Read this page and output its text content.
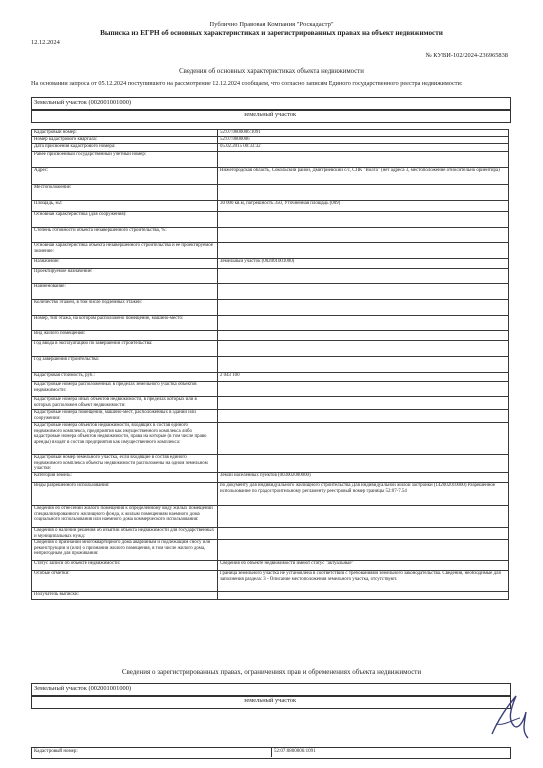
Публично Правовая Компания "Роскадастр"
Выписка из ЕГРН об основных характеристиках и зарегистрированных правах на объект недвижимости
12.12.2024
№ КУВИ-102/2024-236965838
Сведения об основных характеристиках объекта недвижимости
На основании запроса от 05.12.2024 поступившего на рассмотрение 12.12.2024 сообщаем, что согласно записям Единого государственного реестра недвижимости:
Земельный участок (002001001000)
земельный участок
Кадастровый номер:	52:07:0800006:1091
Номер кадастрового квартала:	52:07:0800006
Дата присвоения кадастрового номера:	05.02.2015 00:33:32
Ранее присвоенный государственный учетный номер:	
Адрес:	Нижегородская область, Сокольский район, Дмитриевский с/с, СПК "Волга" (нет адреса 3, местоположение относительно ориентира)
Местоположение:	
Площадь, м2:	30 000 кв.м, погрешность 350, Уточненная площадь (009)
Основная характеристика (для сооружения):	
Степень готовности объекта незавершенного строительства, %:	
Основная характеристика объекта незавершенного строительства и ее проектируемое значение:	
Назначение:	Земельный участок (002001001000)
Проектируемое назначение:	
Наименование:	
Количество этажей, в том числе подземных этажей:	
Номер, тип этажа, на котором расположено помещение, машино-место:	
Вид жилого помещения:	
Год ввода в эксплуатацию по завершении строительства:	
Год завершения строительства:	
Кадастровая стоимость, руб.:	2 043 100
Кадастровые номера расположенных в пределах земельного участка объектов недвижимости:	
Кадастровые номера иных объектов недвижимости, в пределах которых или в которых расположен объект недвижимости:	
Кадастровые номера помещений, машино-мест, расположенных в здании или сооружении:	
Кадастровые номера объектов недвижимости, входящих в состав единого недвижимого комплекса, предприятия как имущественного комплекса либо кадастровые номера объектов недвижимости, права на которые (в том числе право аренды) входят в состав предприятия как имущественного комплекса:	
Кадастровый номер земельного участка, если входящие в состав единого недвижимого комплекса объекты недвижимости расположены на одном земельном участке:	
Категория земель:	Земли населенных пунктов (003002000000)
Виды разрешенного использования:	по документу для индивидуального жилищного строительства Для индивидуальной жилой застройки (142002010000) Разрешенное использование по градостроительному регламенту реестровый номер границы 52:07-7.54
Сведения об отнесении жилого помещения к определенному виду жилых помещений специализированного жилищного фонда, к жилым помещениям наемного дома социального использования или наемного дома коммерческого использования:	
Сведения о наличии решения об изъятии объекта недвижимости для государственных и муниципальных нужд:	
Сведения о признании многоквартирного дома аварийным и подлежащим сносу или реконструкции и (или) о признании жилого помещения, в том числе жилого дома, непригодным для проживания:	
Статус записи об объекте недвижимости:	Сведения об объекте недвижимости имеют статус "актуальные"
Особые отметки:	Граница земельного участка не установлена в соответствии с требованиями земельного законодательства. Сведения, необходимые для заполнения раздела: 3 - Описание местоположения земельного участка, отсутствуют.
Получатель выписки:	
Сведения о зарегистрированных правах, ограничениях прав и обременениях объекта недвижимости
Земельный участок (002001001000)
земельный участок
Кадастровый номер:	52:07:0800006:1091
